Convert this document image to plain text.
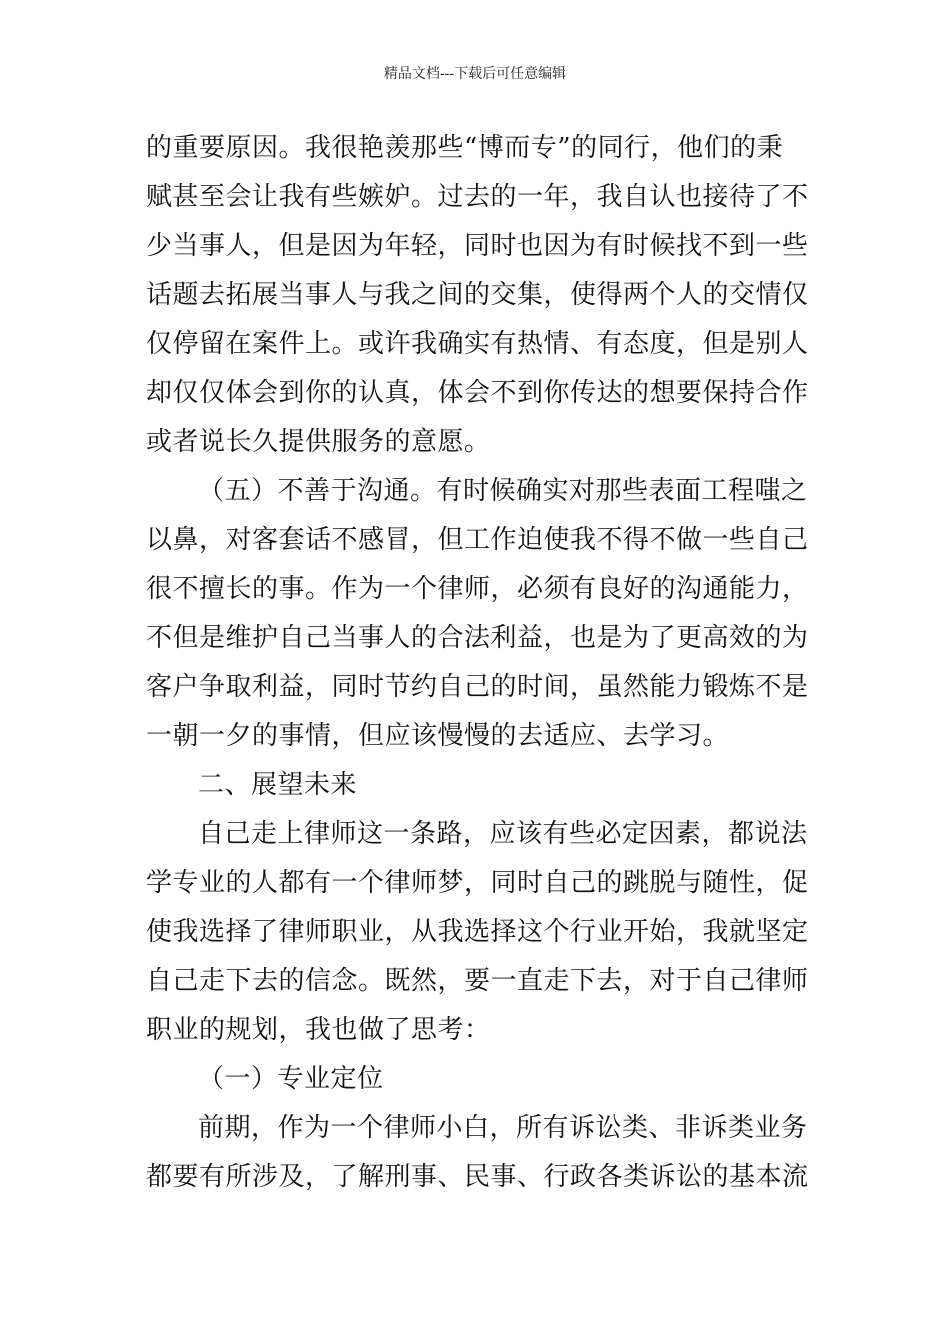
精品文档---下载后可任意编辑
的重要原因。我很艳羡那些“博而专”的同行，他们的秉
赋甚至会让我有些嫉妒。过去的一年，我自认也接待了不
少当事人，但是因为年轻，同时也因为有时候找不到一些
话题去拓展当事人与我之间的交集，使得两个人的交情仅
仅停留在案件上。或许我确实有热情、有态度，但是别人
却仅仅体会到你的认真，体会不到你传达的想要保持合作
或者说长久提供服务的意愿。
（五）不善于沟通。有时候确实对那些表面工程嗤之
以鼻，对客套话不感冒，但工作迫使我不得不做一些自己
很不擅长的事。作为一个律师，必须有良好的沟通能力，
不但是维护自己当事人的合法利益，也是为了更高效的为
客户争取利益，同时节约自己的时间，虽然能力锻炼不是
一朝一夕的事情，但应该慢慢的去适应、去学习。
二、展望未来
自己走上律师这一条路，应该有些必定因素，都说法
学专业的人都有一个律师梦，同时自己的跳脱与随性，促
使我选择了律师职业，从我选择这个行业开始，我就坚定
自己走下去的信念。既然，要一直走下去，对于自己律师
职业的规划，我也做了思考：
（一）专业定位
前期，作为一个律师小白，所有诉讼类、非诉类业务
都要有所涉及，了解刑事、民事、行政各类诉讼的基本流
